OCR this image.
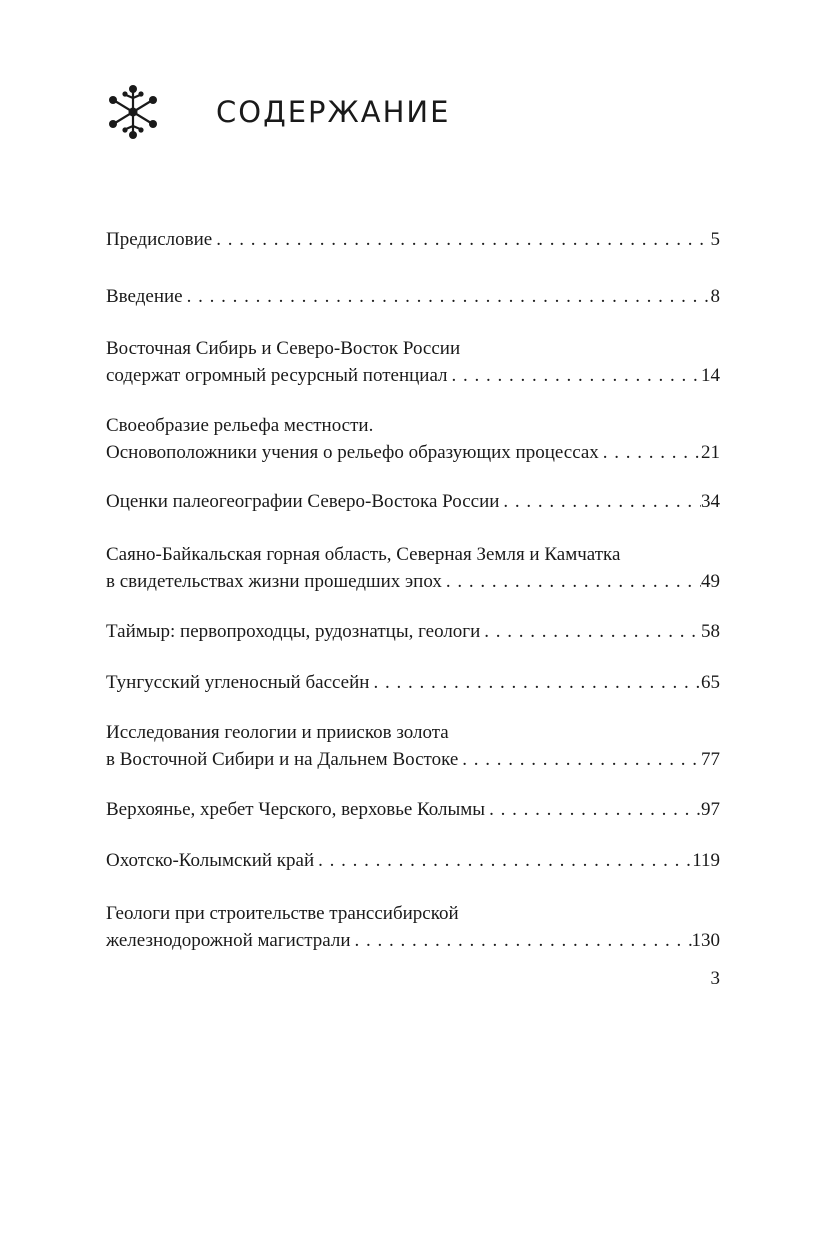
СОДЕРЖАНИЕ
Предисловие . . .	5
Введение . . .	8
Восточная Сибирь и Северо-Восток России
содержат огромный ресурсный потенциал . . .	14
Своеобразие рельефа местности.
Основоположники учения о рельефо образующих процессах . . .	21
Оценки палеогеографии Северо-Востока России . . .	34
Саяно-Байкальская горная область, Северная Земля и Камчатка
в свидетельствах жизни прошедших эпох . . .	49
Таймыр: первопроходцы, рудознатцы, геологи . . .	58
Тунгусский угленосный бассейн . . .	65
Исследования геологии и приисков золота
в Восточной Сибири и на Дальнем Востоке . . .	77
Верхоянье, хребет Черского, верховье Колымы . . .	97
Охотско-Колымский край . . .	119
Геологи при строительстве транссибирской
железнодорожной магистрали . . .	130
3
